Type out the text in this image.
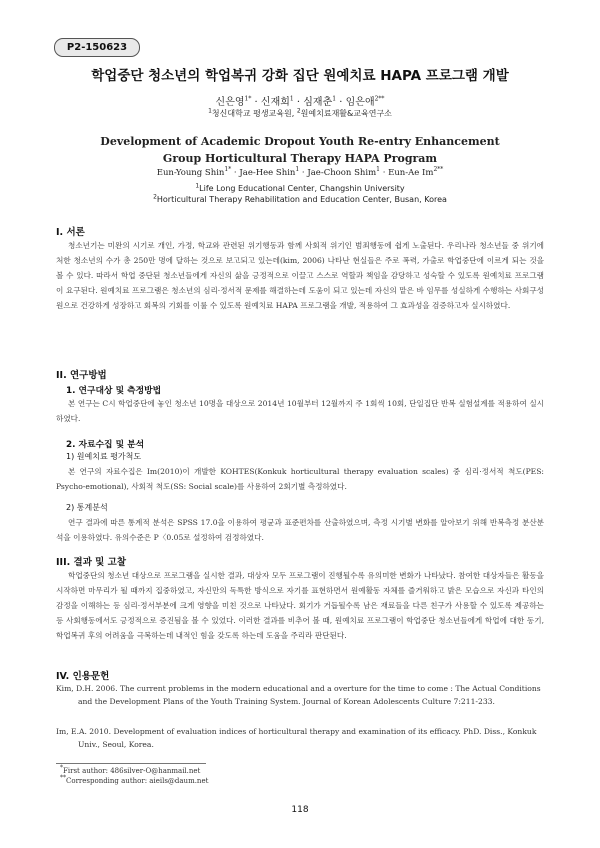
P2-150623
학업중단 청소년의 학업복귀 강화 집단 원예치료 HAPA 프로그램 개발
신은영$^{1*}$ · 신재희$^1$ · 심재춘$^1$ · 임은애$^{2**}$
$^1$청신대학교 평생교육원, $^2$원예치료재활&교육연구소
Development of Academic Dropout Youth Re-entry Enhancement
Group Horticultural Therapy HAPA Program
Eun-Young Shin$^{1*}$ · Jae-Hee Shin$^1$ · Jae-Choon Shim$^1$ · Eun-Ae $Im^{2**}$
$^1$Life Long Educational Center, Changshin University
$^2$Horticultural Therapy Rehabilitation and Education Center, Busan, Korea
I. 서론

청소년기는 미완의 시기로 개인, 가정, 학교와 관련된 위기행동과 함께 사회적 위기인 범죄행동에 쉽게 노출된다. 우리나라 청소년들 중 위기에 처한 청소년의 수가 총 250만 명에 달하는 것으로 보고되고 있는데(kim, 2006) 나타난 현실들은 주로 폭력, 가출로 학업중단에 이르게 되는 것을 볼 수 있다. 따라서 학업 중단된 청소년들에게 자신의 삶을 긍정적으로 이끌고 스스로 역할과 책임을 감당하고 성숙할 수 있도록 원예치료 프로그램이 요구된다. 원예치료 프로그램은 청소년의 심리·정서적 문제를 해결하는데 도움이 되고 있는데 자신의 맡은 바 임무를 성실하게 수행하는 사회구성원으로 건강하게 성장하고 회복의 기회를 이룰 수 있도록 원예치료 HAPA 프로그램을 개발, 적용하여 그 효과성을 검증하고자 실시하였다.

II. 연구방법
1. 연구대상 및 측정방법

본 연구는 C시 학업중단에 놓인 청소년 10명을 대상으로 2014년 10월부터 12월까지 주 1회씩 10회, 단일집단 반복 실험설계를 적용하여 실시하였다.

2. 자료수집 및 분석
1) 원예치료 평가척도

본 연구의 자료수집은 Im(2010)이 개발한 KOHTES(Konkuk horticultural therapy evaluation scales) 중 심리·정서적 척도(PES: Psycho-emotional), 사회적 척도(SS: Social scale)를 사용하여 2회기별 측정하였다.

2) 통계분석

연구 결과에 따른 통계적 분석은 SPSS 17.0을 이용하여 평균과 표준편차를 산출하였으며, 측정 시기별 변화를 알아보기 위해 반복측정 분산분석을 이용하였다. 유의수준은 P〈0.05로 설정하여 검정하였다.

III. 결과 및 고찰

학업중단의 청소년 대상으로 프로그램을 실시한 결과, 대상자 모두 프로그램이 진행될수록 유의미한 변화가 나타났다. 참여한 대상자들은 활동을 시작하면 마무리가 될 때까지 집중하였고, 자신만의 독특한 방식으로 자기를 표현하면서 원예활동 자체를 즐거워하고 밝은 모습으로 자신과 타인의 감정을 이해하는 등 심리·정서부분에 크게 영향을 미친 것으로 나타났다. 회기가 거듭될수록 남은 재료들을 다른 친구가 사용할 수 있도록 제공하는 등 사회행동에서도 긍정적으로 증진됨을 볼 수 있었다. 이러한 결과를 비추어 볼 때, 원예치료 프로그램이 학업중단 청소년들에게 학업에 대한 동기, 학업복귀 후의 어려움을 극복하는데 내적인 힘을 갖도록 하는데 도움을 주리라 판단된다.

IV. 인용문헌

Kim, D.H. 2006. The current problems in the modern educational and a overture for the time to come : The Actual Conditions and the Development Plans of the Youth Training System. Journal of Korean Adolescents Culture 7:211-233.

Im, E.A. 2010. Development of evaluation indices of horticultural therapy and examination of its efficacy. PhD. Diss., Konkuk Univ., Seoul, Korea.

*First author: 486silver-O@hanmail.net
**Corresponding author: aieils@daum.net
118
